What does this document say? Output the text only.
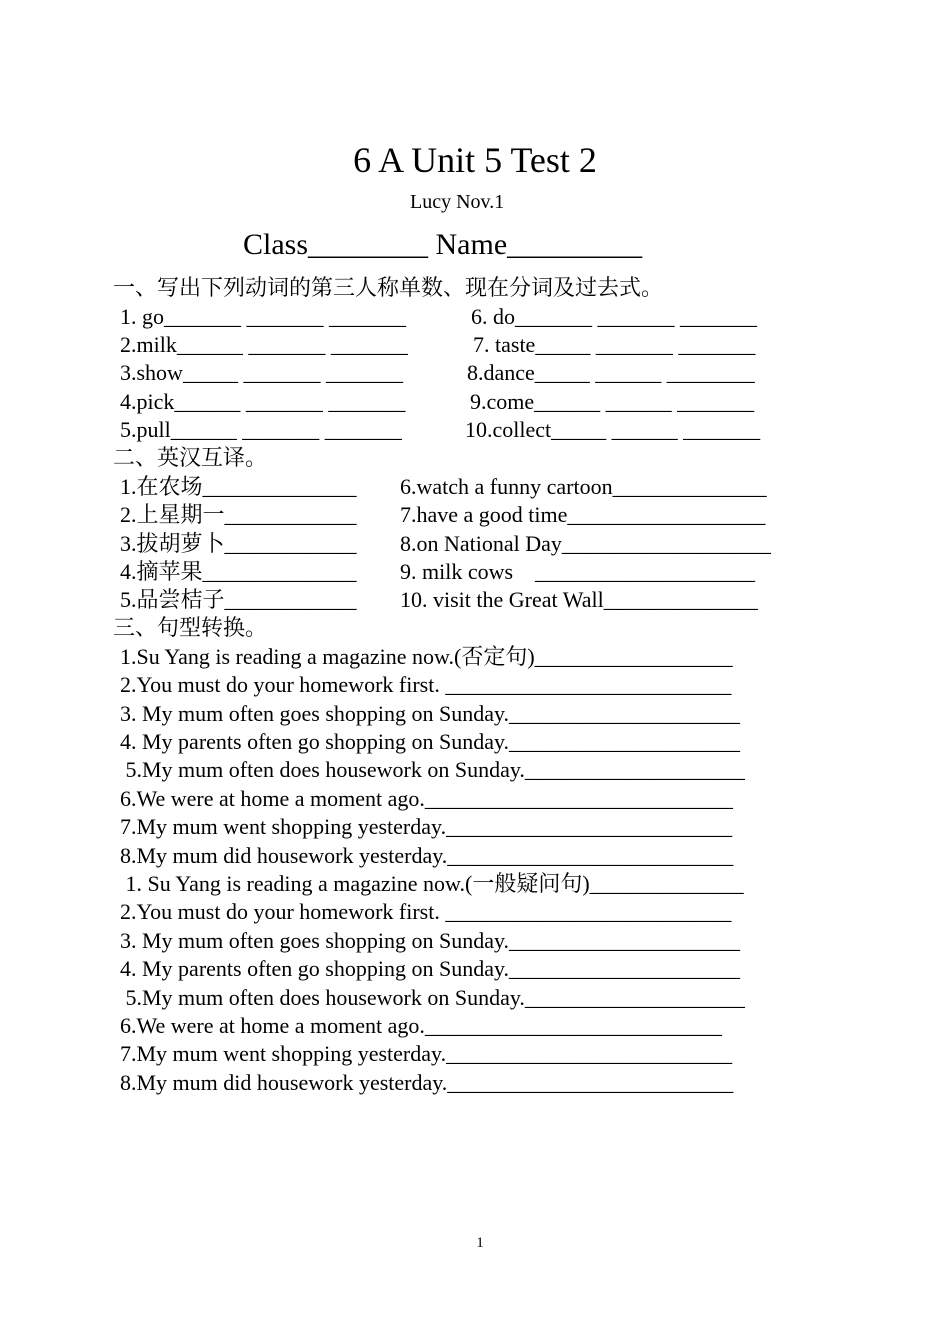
6 A Unit 5 Test 2
Lucy Nov.1
Class________ Name_________
一、写出下列动词的第三人称单数、现在分词及过去式。
1. go_______ _______ _______	6. do_______ _______ _______
2.milk______ _______ _______	7. taste_____ _______ _______
3.show_____ _______ _______	8.dance_____ ______ ________
4.pick______ _______ _______	9.come______ ______ _______
5.pull______ _______ _______	10.collect_____ ______ _______
二、英汉互译。
1.在农场______________ 6.watch a funny cartoon______________
2.上星期一____________ 7.have a good time__________________
3.拔胡萝卜____________ 8.on National Day___________________
4.摘苹果______________ 9. milk cows    ____________________
5.品尝桔子____________ 10. visit the Great Wall______________
三、句型转换。
1.Su Yang is reading a magazine now.(否定句)__________________
2.You must do your homework first. __________________________
3. My mum often goes shopping on Sunday._____________________
4. My parents often go shopping on Sunday._____________________
5.My mum often does housework on Sunday.____________________
6.We were at home a moment ago.____________________________
7.My mum went shopping yesterday.__________________________
8.My mum did housework yesterday.__________________________
1. Su Yang is reading a magazine now.(一般疑问句)______________
2.You must do your homework first. __________________________
3. My mum often goes shopping on Sunday._____________________
4. My parents often go shopping on Sunday._____________________
5.My mum often does housework on Sunday.____________________
6.We were at home a moment ago.___________________________
7.My mum went shopping yesterday.__________________________
8.My mum did housework yesterday.__________________________
1
